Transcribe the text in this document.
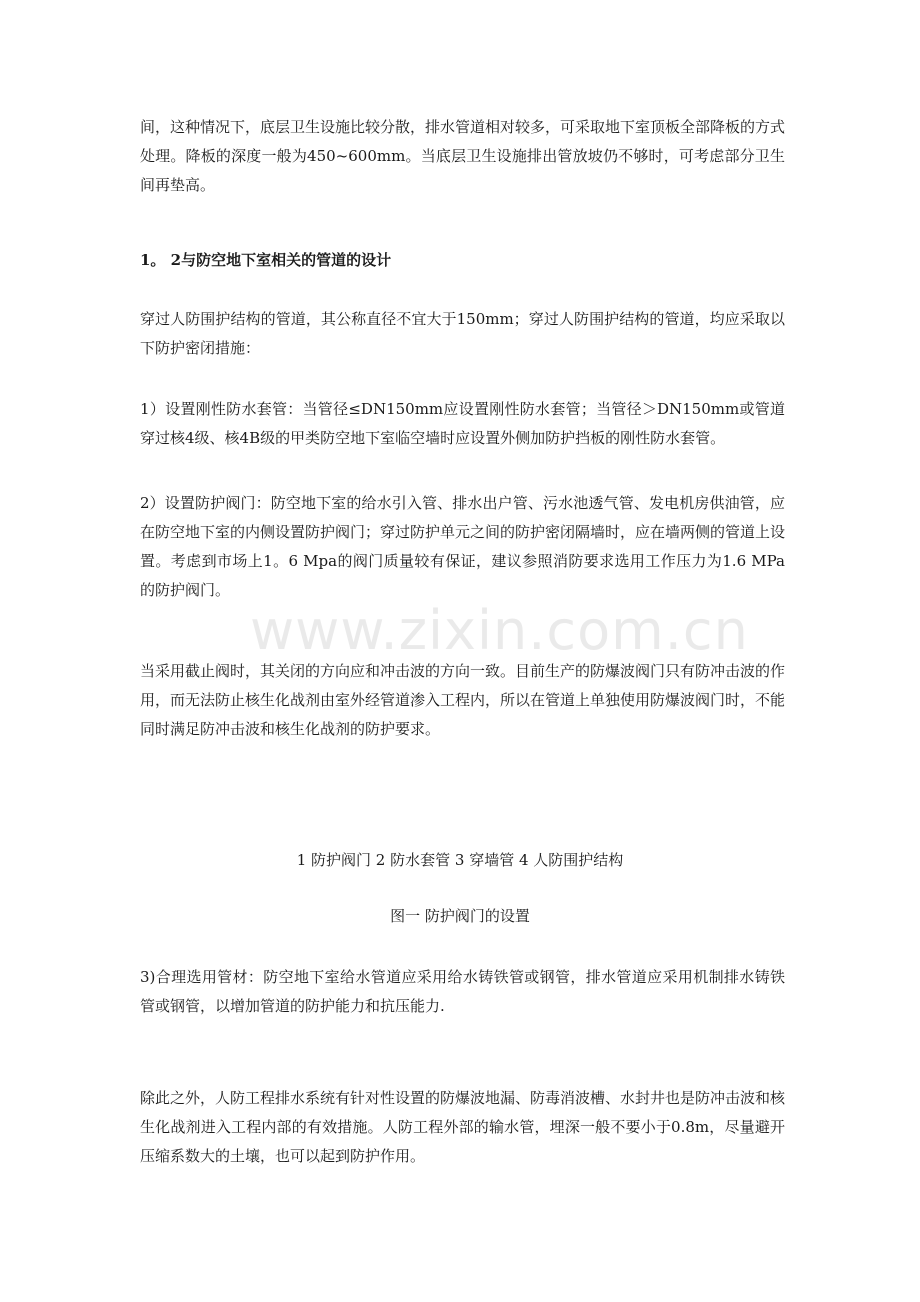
www.zixin.com.cn

间，这种情况下，底层卫生设施比较分散，排水管道相对较多，可采取地下室顶板全部降板的方式处理。降板的深度一般为450~600mm。当底层卫生设施排出管放坡仍不够时，可考虑部分卫生间再垫高。

1。 2与防空地下室相关的管道的设计

穿过人防围护结构的管道，其公称直径不宜大于150mm；穿过人防围护结构的管道，均应采取以下防护密闭措施：

1）设置刚性防水套管：当管径≤DN150mm应设置刚性防水套管；当管径＞DN150mm或管道穿过核4级、核4B级的甲类防空地下室临空墙时应设置外侧加防护挡板的刚性防水套管。

2）设置防护阀门：防空地下室的给水引入管、排水出户管、污水池透气管、发电机房供油管，应在防空地下室的内侧设置防护阀门；穿过防护单元之间的防护密闭隔墙时，应在墙两侧的管道上设置。考虑到市场上1。6 Mpa的阀门质量较有保证，建议参照消防要求选用工作压力为1.6 MPa的防护阀门。

当采用截止阀时，其关闭的方向应和冲击波的方向一致。目前生产的防爆波阀门只有防冲击波的作用，而无法防止核生化战剂由室外经管道渗入工程内，所以在管道上单独使用防爆波阀门时，不能同时满足防冲击波和核生化战剂的防护要求。

1 防护阀门 2 防水套管 3 穿墙管 4 人防围护结构

图一 防护阀门的设置

3)合理选用管材：防空地下室给水管道应采用给水铸铁管或钢管，排水管道应采用机制排水铸铁管或钢管，以增加管道的防护能力和抗压能力.

除此之外，人防工程排水系统有针对性设置的防爆波地漏、防毒消波槽、水封井也是防冲击波和核生化战剂进入工程内部的有效措施。人防工程外部的输水管，埋深一般不要小于0.8m，尽量避开压缩系数大的土壤，也可以起到防护作用。
